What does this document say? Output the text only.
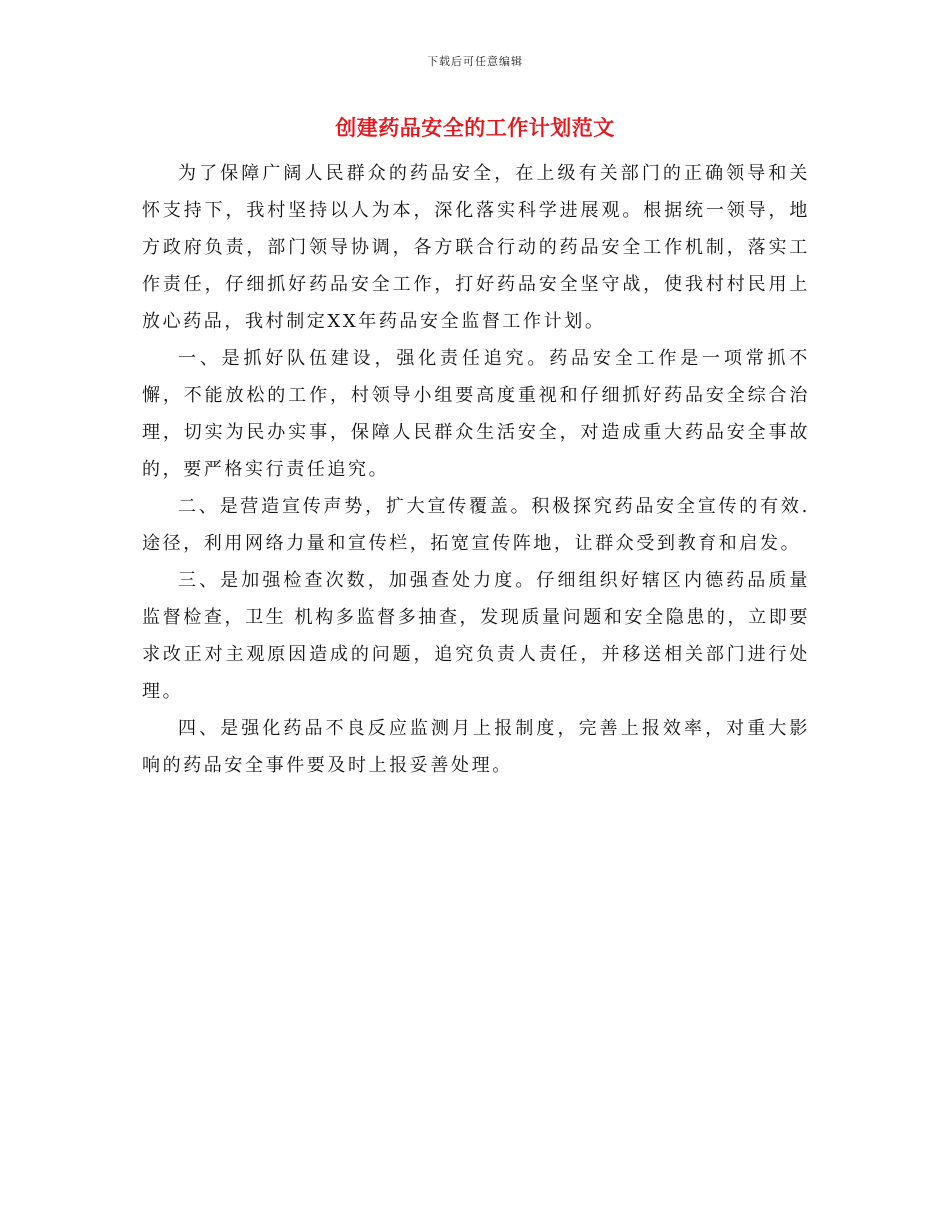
下载后可任意编辑
创建药品安全的工作计划范文

为了保障广阔人民群众的药品安全，在上级有关部门的正确领导和关怀支持下，我村坚持以人为本，深化落实科学进展观。根据统一领导，地方政府负责，部门领导协调，各方联合行动的药品安全工作机制，落实工作责任，仔细抓好药品安全工作，打好药品安全坚守战，使我村村民用上放心药品，我村制定XX年药品安全监督工作计划。

一、是抓好队伍建设，强化责任追究。药品安全工作是一项常抓不懈，不能放松的工作，村领导小组要高度重视和仔细抓好药品安全综合治理，切实为民办实事，保障人民群众生活安全，对造成重大药品安全事故的，要严格实行责任追究。

二、是营造宣传声势，扩大宣传覆盖。积极探究药品安全宣传的有效.途径，利用网络力量和宣传栏，拓宽宣传阵地，让群众受到教育和启发。

三、是加强检查次数，加强查处力度。仔细组织好辖区内德药品质量监督检查，卫生 机构多监督多抽查，发现质量问题和安全隐患的，立即要求改正对主观原因造成的问题，追究负责人责任，并移送相关部门进行处理。

四、是强化药品不良反应监测月上报制度，完善上报效率，对重大影响的药品安全事件要及时上报妥善处理。
